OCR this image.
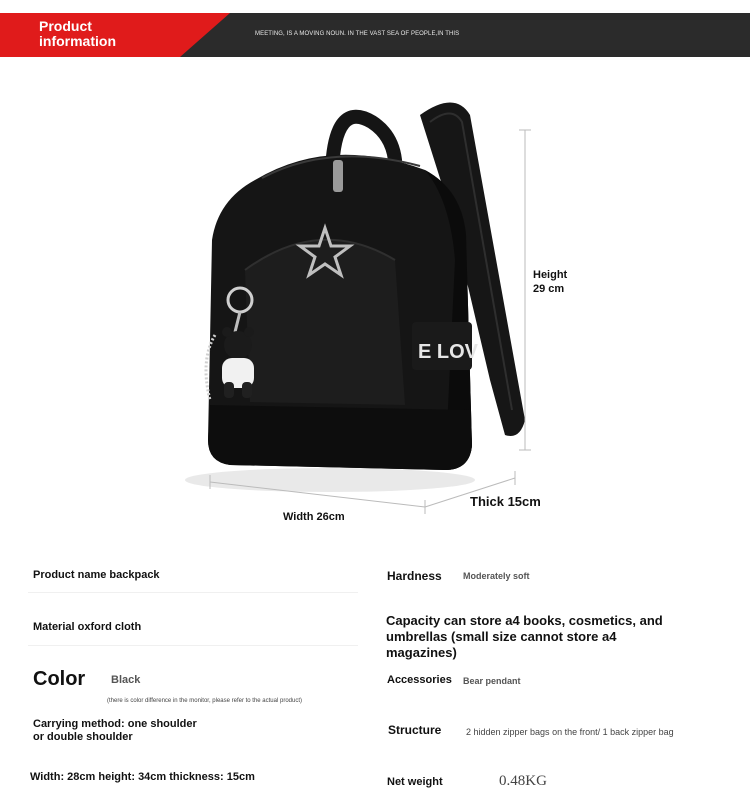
Product
information	MEETING, IS A MOVING NOUN. IN THE VAST SEA OF PEOPLE,IN THIS
E LOV
Height
29 cm
Width 26cm
Thick 15cm
Product name backpack
Material oxford cloth
Color Black
(there is color difference in the monitor, please refer to the actual product)
Carrying method: one shoulder or double shoulder
Width: 28cm height: 34cm thickness: 15cm
Hardness Moderately soft
Capacity can store a4 books, cosmetics, and umbrellas (small size cannot store a4 magazines)
Accessories Bear pendant
Structure	2 hidden zipper bags on the front/ 1 back zipper bag
Net weight	0.48KG
